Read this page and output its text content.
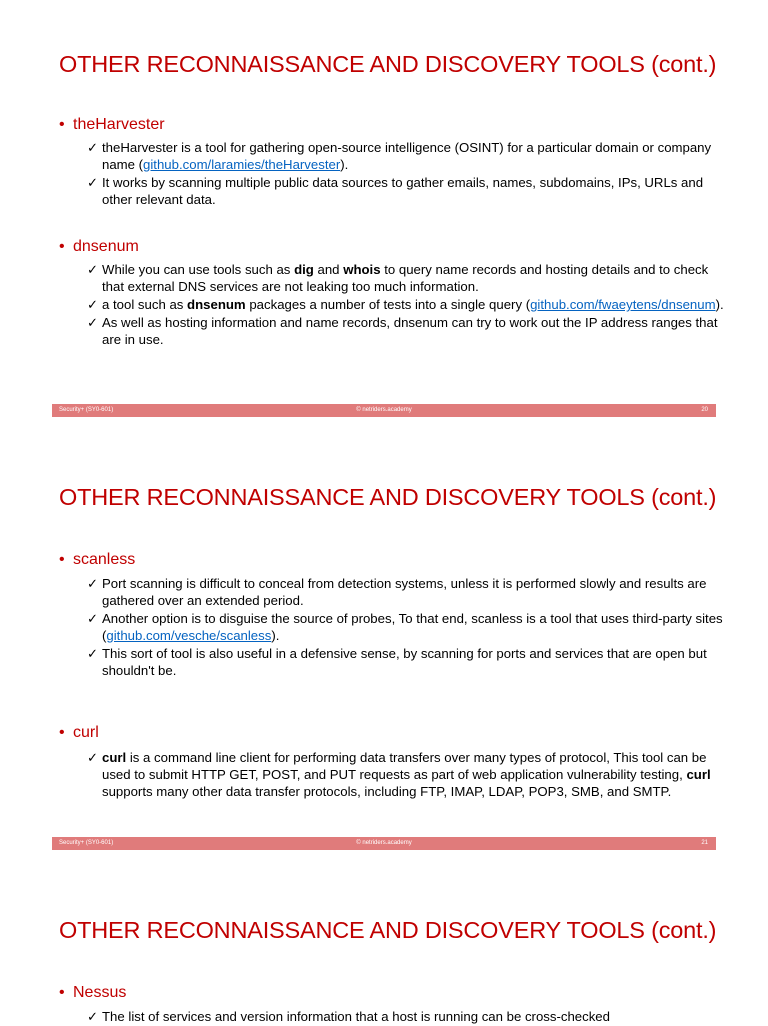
OTHER RECONNAISSANCE AND DISCOVERY TOOLS (cont.)
• theHarvester
✓ theHarvester is a tool for gathering open-source intelligence (OSINT) for a particular domain or company name (github.com/laramies/theHarvester).
✓ It works by scanning multiple public data sources to gather emails, names, subdomains, IPs, URLs and other relevant data.
• dnsenum
✓ While you can use tools such as dig and whois to query name records and hosting details and to check that external DNS services are not leaking too much information.
✓ a tool such as dnsenum packages a number of tests into a single query (github.com/fwaeytens/dnsenum).
✓ As well as hosting information and name records, dnsenum can try to work out the IP address ranges that are in use.
Security+ (SY0-601)	© netriders.academy	20
OTHER RECONNAISSANCE AND DISCOVERY TOOLS (cont.)
• scanless
✓ Port scanning is difficult to conceal from detection systems, unless it is performed slowly and results are gathered over an extended period.
✓ Another option is to disguise the source of probes, To that end, scanless is a tool that uses third-party sites (github.com/vesche/scanless).
✓ This sort of tool is also useful in a defensive sense, by scanning for ports and services that are open but shouldn't be.
• curl
✓ curl is a command line client for performing data transfers over many types of protocol, This tool can be used to submit HTTP GET, POST, and PUT requests as part of web application vulnerability testing, curl supports many other data transfer protocols, including FTP, IMAP, LDAP, POP3, SMB, and SMTP.
Security+ (SY0-601)	© netriders.academy	21
OTHER RECONNAISSANCE AND DISCOVERY TOOLS (cont.)
• Nessus
✓ The list of services and version information that a host is running can be cross-checked
